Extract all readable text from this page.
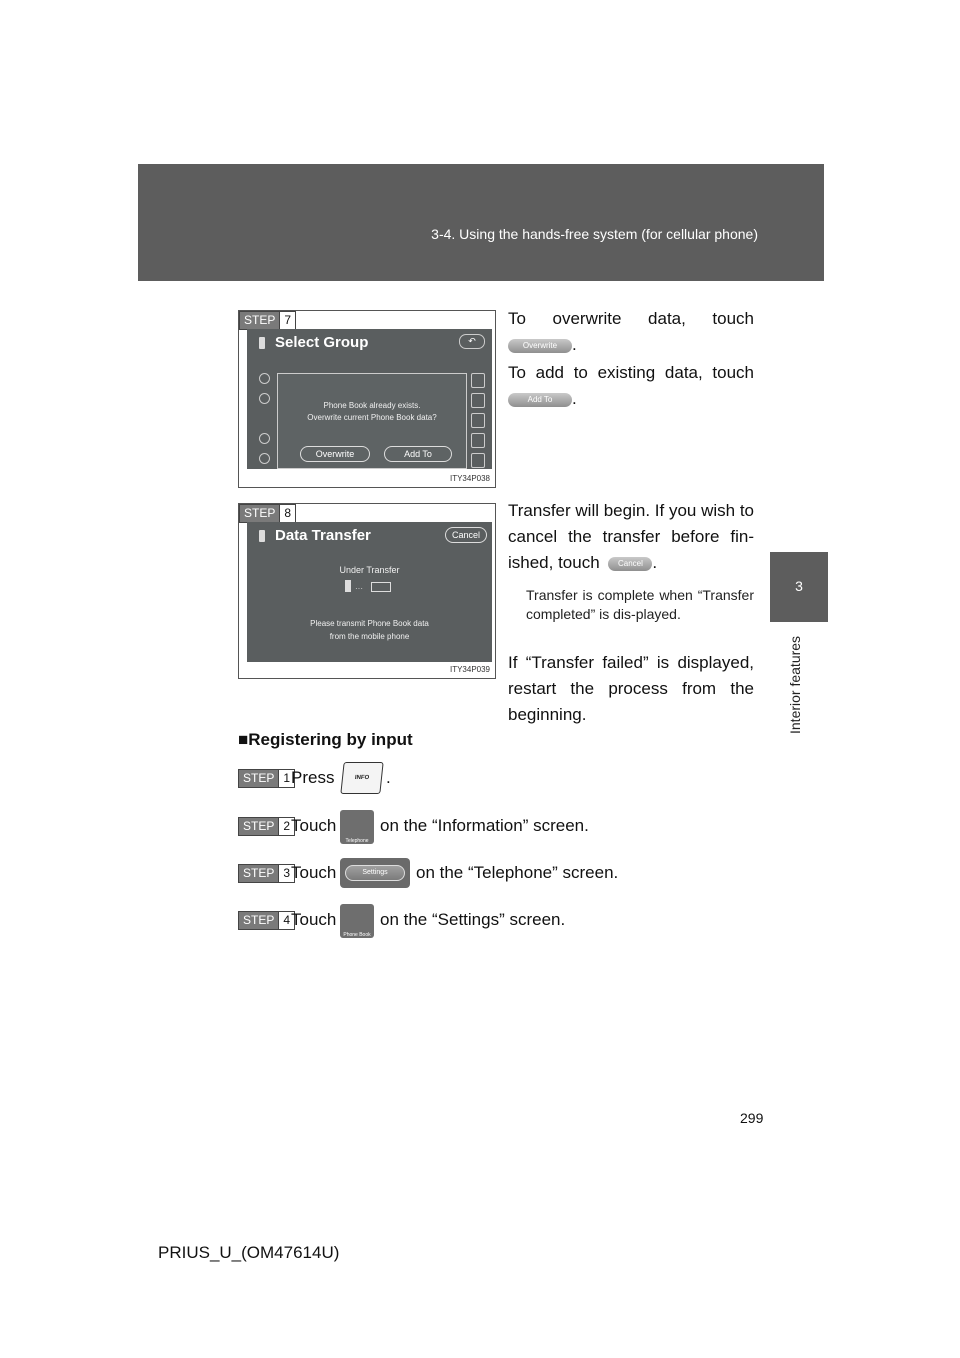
3-4. Using the hands-free system (for cellular phone)
3
Interior features
STEP 7
Select Group	↶
Phone Book already exists.
Overwrite current Phone Book data?
Overwrite	Add To
ITY34P038
To overwrite data, touch
Overwrite .
To add to existing data, touch
Add To .
STEP 8
Data Transfer	Cancel
Under Transfer
···
Please transmit Phone Book data
from the mobile phone
ITY34P039
Transfer will begin. If you wish to cancel the transfer before fin-
ished, touch Cancel .
Transfer is complete when “Transfer completed” is dis-played.
If “Transfer failed” is displayed, restart the process from the beginning.
■Registering by input
STEP 1 Press	INFO .
STEP 2 Touch
Telephone
on the “Information” screen.
STEP 3 Touch	Settings	on the “Telephone” screen.
STEP 4 Touch
Phone Book
on the “Settings” screen.
299
PRIUS_U_(OM47614U)
